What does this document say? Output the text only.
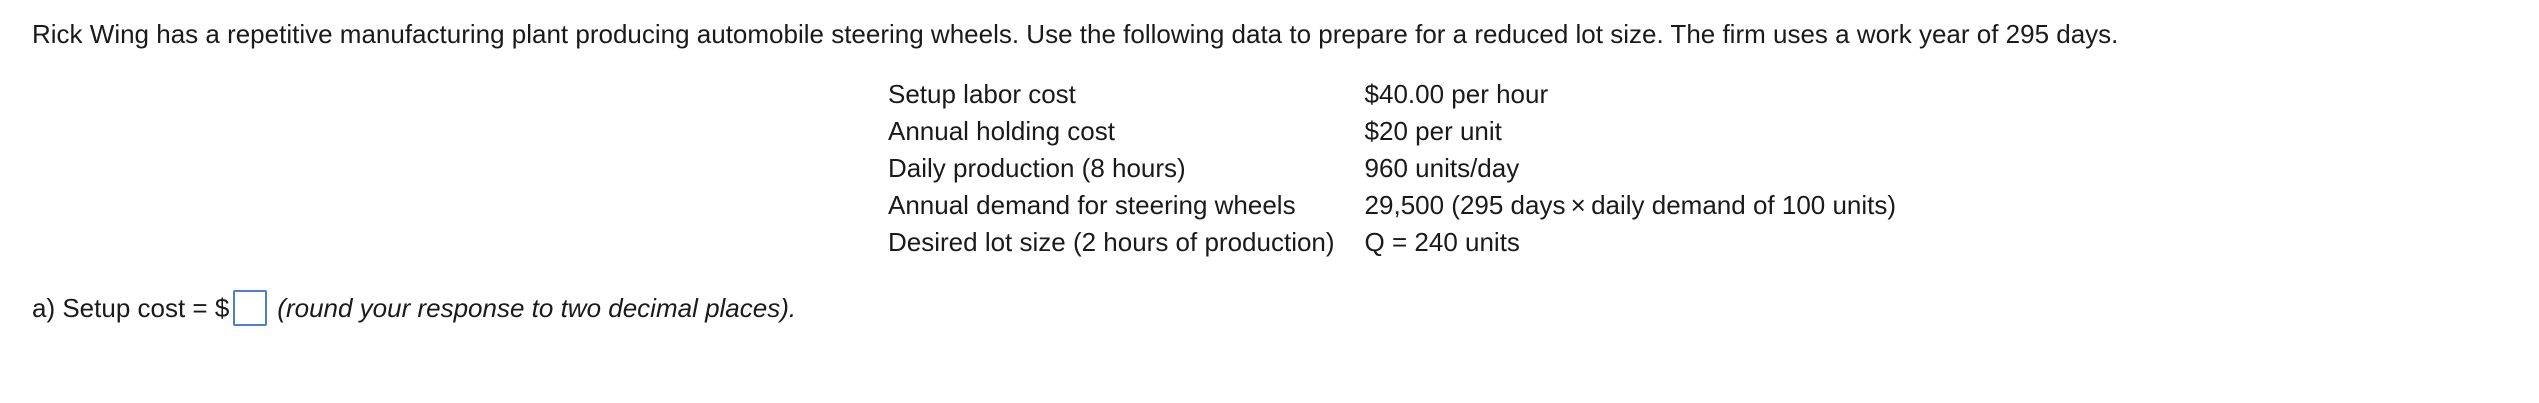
Rick Wing has a repetitive manufacturing plant producing automobile steering wheels. Use the following data to prepare for a reduced lot size. The firm uses a work year of 295 days.
Setup labor cost	$40.00 per hour
Annual holding cost	$20 per unit
Daily production (8 hours)	960 units/day
Annual demand for steering wheels	29,500 (295 days × daily demand of 100 units)
Desired lot size (2 hours of production)	Q = 240 units
a) Setup cost = $ (round your response to two decimal places).
